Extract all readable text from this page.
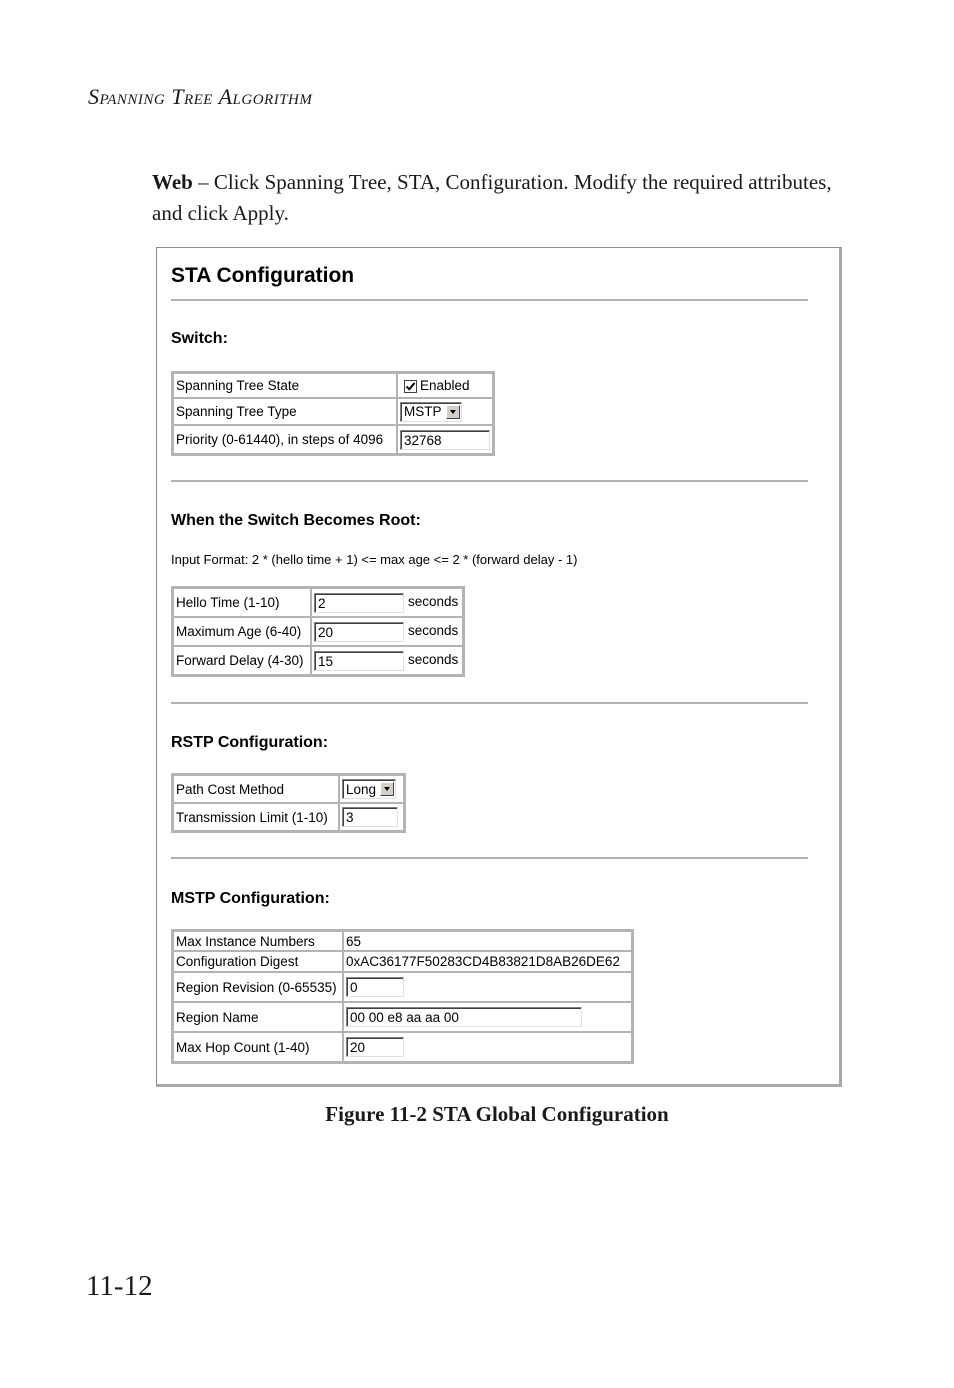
SPANNING TREE ALGORITHM
Web – Click Spanning Tree, STA, Configuration. Modify the required attributes, and click Apply.
STA Configuration
Switch:
Spanning Tree State	Enabled
Spanning Tree Type	MSTP

Priority (0-61440), in steps of 4096	32768
When the Switch Becomes Root:
Input Format: 2 * (hello time + 1) <= max age <= 2 * (forward delay - 1)
Hello Time (1-10)	2 seconds
Maximum Age (6-40)	20 seconds
Forward Delay (4-30)	15 seconds
RSTP Configuration:
Path Cost Method	Long

Transmission Limit (1-10)	3
MSTP Configuration:
Max Instance Numbers	65
Configuration Digest	0xAC36177F50283CD4B83821D8AB26DE62
Region Revision (0-65535)	0
Region Name	00 00 e8 aa aa 00
Max Hop Count (1-40)	20
Figure 11-2 STA Global Configuration
11-12
